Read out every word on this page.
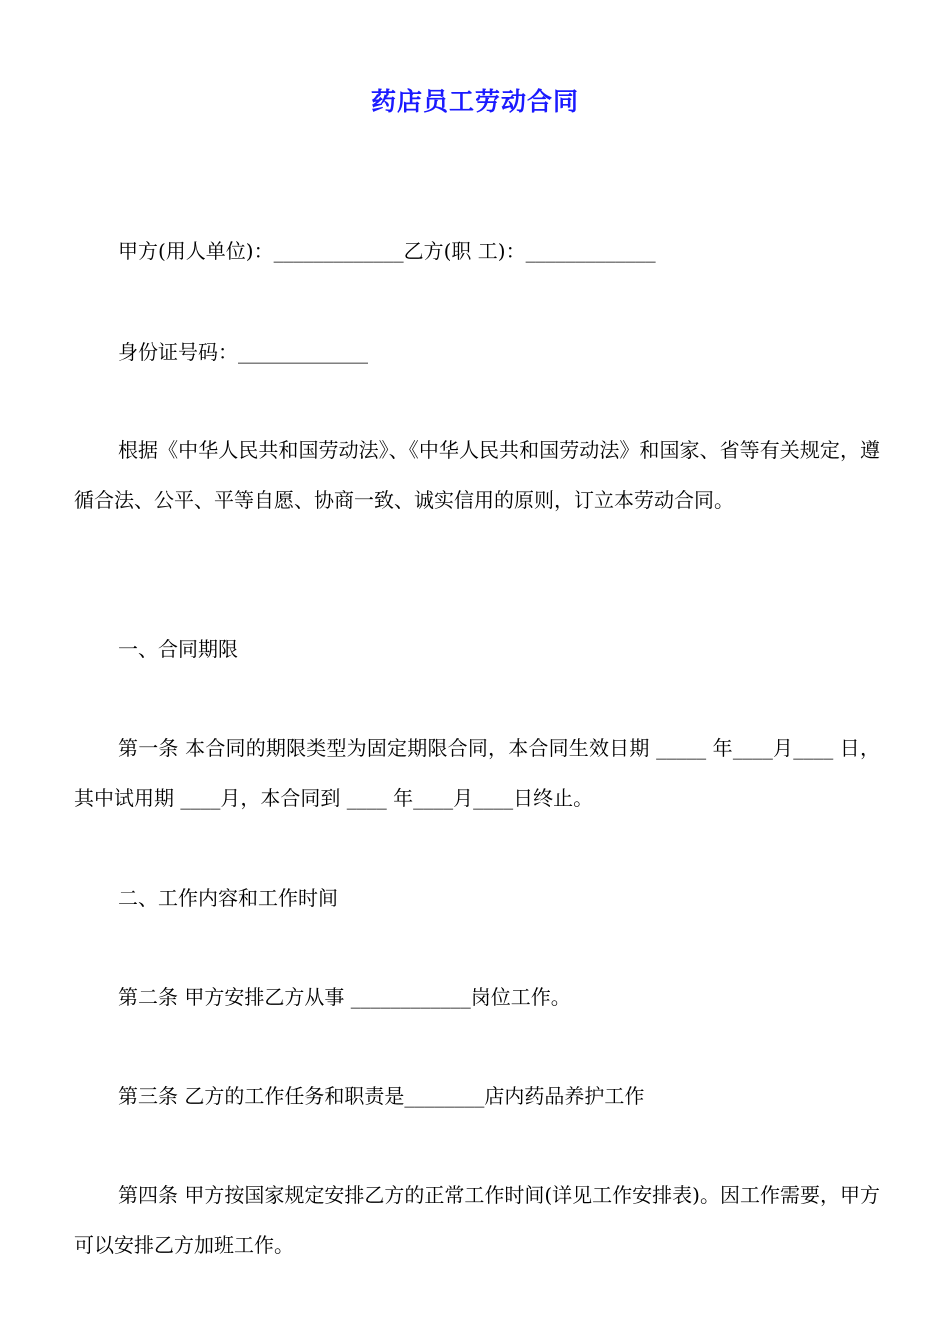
药店员工劳动合同
甲方(用人单位)：_____________乙方(职 工)：_____________
身份证号码：_____________
根据《中华人民共和国劳动法》、《中华人民共和国劳动法》和国家、省等有关规定，遵循合法、公平、平等自愿、协商一致、诚实信用的原则，订立本劳动合同。
一、合同期限
第一条 本合同的期限类型为固定期限合同，本合同生效日期 _____ 年____月____ 日，其中试用期 ____月，本合同到 ____ 年____月____日终止。
二、工作内容和工作时间
第二条 甲方安排乙方从事 ____________岗位工作。
第三条 乙方的工作任务和职责是________店内药品养护工作
第四条 甲方按国家规定安排乙方的正常工作时间(详见工作安排表)。因工作需要，甲方可以安排乙方加班工作。
